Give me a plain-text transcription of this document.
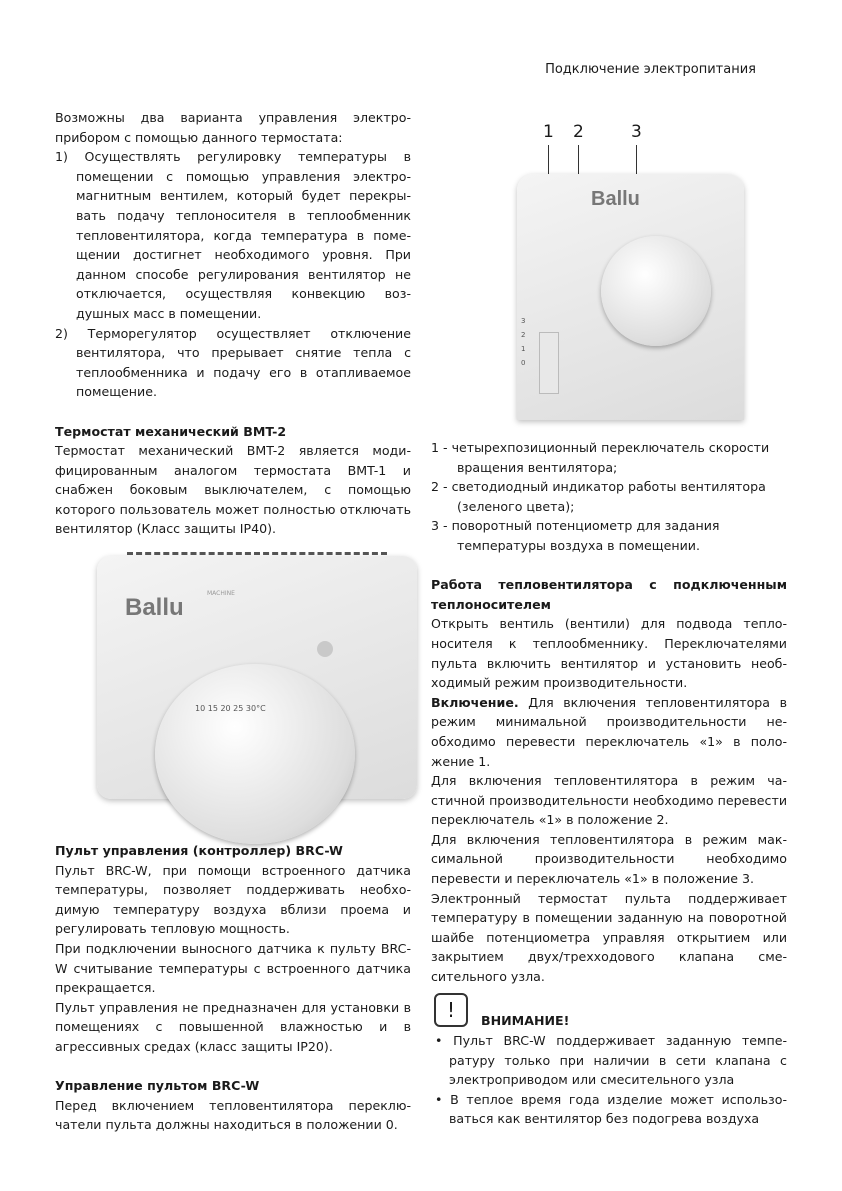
Подключение электропитания

Возможны два варианта управления электроприбором с помощью данного термостата:

1) Осуществлять регулировку температуры в помещении с помощью управления электромагнитным вентилем, который будет перекрывать подачу теплоносителя в теплообменник тепловентилятора, когда температура в помещении достигнет необходимого уровня. При данном способе регулирования вентилятор не отключается, осуществляя конвекцию воздушных масс в помещении.

2) Терморегулятор осуществляет отключение вентилятора, что прерывает снятие тепла с теплообменника и подачу его в отапливаемое помещение.

Термостат механический BMT-2

Термостат механический BMT-2 является модифицированным аналогом термостата BMT-1 и снабжен боковым выключателем, с помощью которого пользователь может полностью отключать вентилятор (Класс защиты IP40).

Ballu
MACHINE
10 15 20 25 30°C

Пульт управления (контроллер) BRC-W

Пульт BRC-W, при помощи встроенного датчика температуры, позволяет поддерживать необходимую температуру воздуха вблизи проема и регулировать тепловую мощность.

При подключении выносного датчика к пульту BRC-W считывание температуры с встроенного датчика прекращается.

Пульт управления не предназначен для установки в помещениях с повышенной влажностью и в агрессивных средах (класс защиты IP20).

Управление пультом BRC-W

Перед включением тепловентилятора переключатели пульта должны находиться в положении 0.

1 2	3
Ballu
3
2
1
0

1 - четырехпозиционный переключатель скорости вращения вентилятора;

2 - светодиодный индикатор работы вентилятора (зеленого цвета);

3 - поворотный потенциометр для задания температуры воздуха в помещении.

Работа тепловентилятора с подключенным теплоносителем

Открыть вентиль (вентили) для подвода теплоносителя к теплообменнику. Переключателями пульта включить вентилятор и установить необходимый режим производительности.

Включение. Для включения тепловентилятора в режим минимальной производительности необходимо перевести переключатель «1» в положение 1.

Для включения тепловентилятора в режим частичной производительности необходимо перевести переключатель «1» в положение 2.

Для включения тепловентилятора в режим максимальной производительности необходимо перевести и переключатель «1» в положение 3.

Электронный термостат пульта поддерживает температуру в помещении заданную на поворотной шайбе потенциометра управляя открытием или закрытием двух/трехходового клапана смесительного узла.

!	ВНИМАНИЕ!

• Пульт BRC-W поддерживает заданную температуру только при наличии в сети клапана с электроприводом или смесительного узла

• В теплое время года изделие может использоваться как вентилятор без подогрева воздуха
